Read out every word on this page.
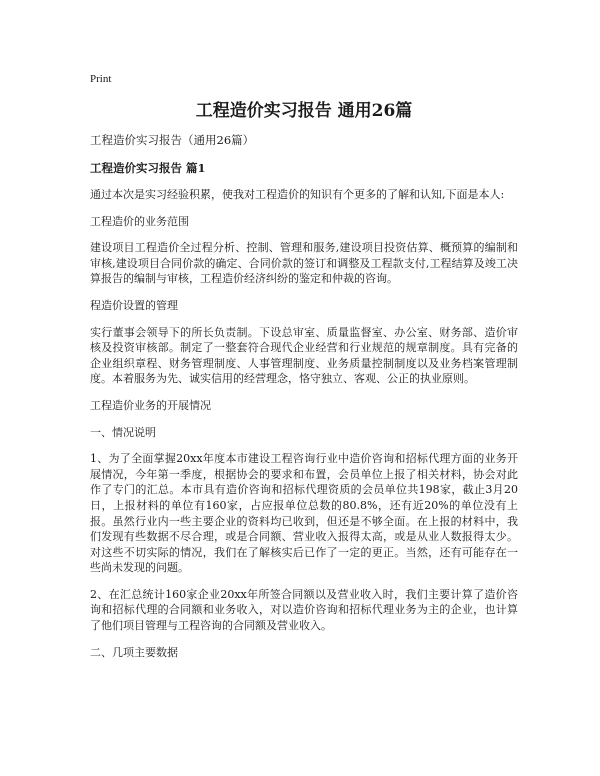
Print
工程造价实习报告 通用26篇
工程造价实习报告（通用26篇）
工程造价实习报告 篇1
通过本次是实习经验积累，使我对工程造价的知识有个更多的了解和认知,下面是本人:
工程造价的业务范围
建设项目工程造价全过程分析、控制、管理和服务,建设项目投资估算、概预算的编制和审核,建设项目合同价款的确定、合同价款的签订和调整及工程款支付,工程结算及竣工决算报告的编制与审核，工程造价经济纠纷的鉴定和仲裁的咨询。
程造价设置的管理
实行董事会领导下的所长负责制。下设总审室、质量监督室、办公室、财务部、造价审核及投资审核部。制定了一整套符合现代企业经营和行业规范的规章制度。具有完备的企业组织章程、财务管理制度、人事管理制度、业务质量控制制度以及业务档案管理制度。本着服务为先、诚实信用的经营理念，恪守独立、客观、公正的执业原则。
工程造价业务的开展情况
一、情况说明
1、为了全面掌握20xx年度本市建设工程咨询行业中造价咨询和招标代理方面的业务开展情况，今年第一季度，根据协会的要求和布置，会员单位上报了相关材料，协会对此作了专门的汇总。本市具有造价咨询和招标代理资质的会员单位共198家，截止3月20日，上报材料的单位有160家，占应报单位总数的80.8%，还有近20%的单位没有上报。虽然行业内一些主要企业的资料均已收到，但还是不够全面。在上报的材料中，我们发现有些数据不尽合理，或是合同额、营业收入报得太高，或是从业人数报得太少。对这些不切实际的情况，我们在了解核实后已作了一定的更正。当然，还有可能存在一些尚未发现的问题。
2、在汇总统计160家企业20xx年所签合同额以及营业收入时，我们主要计算了造价咨询和招标代理的合同额和业务收入，对以造价咨询和招标代理业务为主的企业，也计算了他们项目管理与工程咨询的合同额及营业收入。
二、几项主要数据
